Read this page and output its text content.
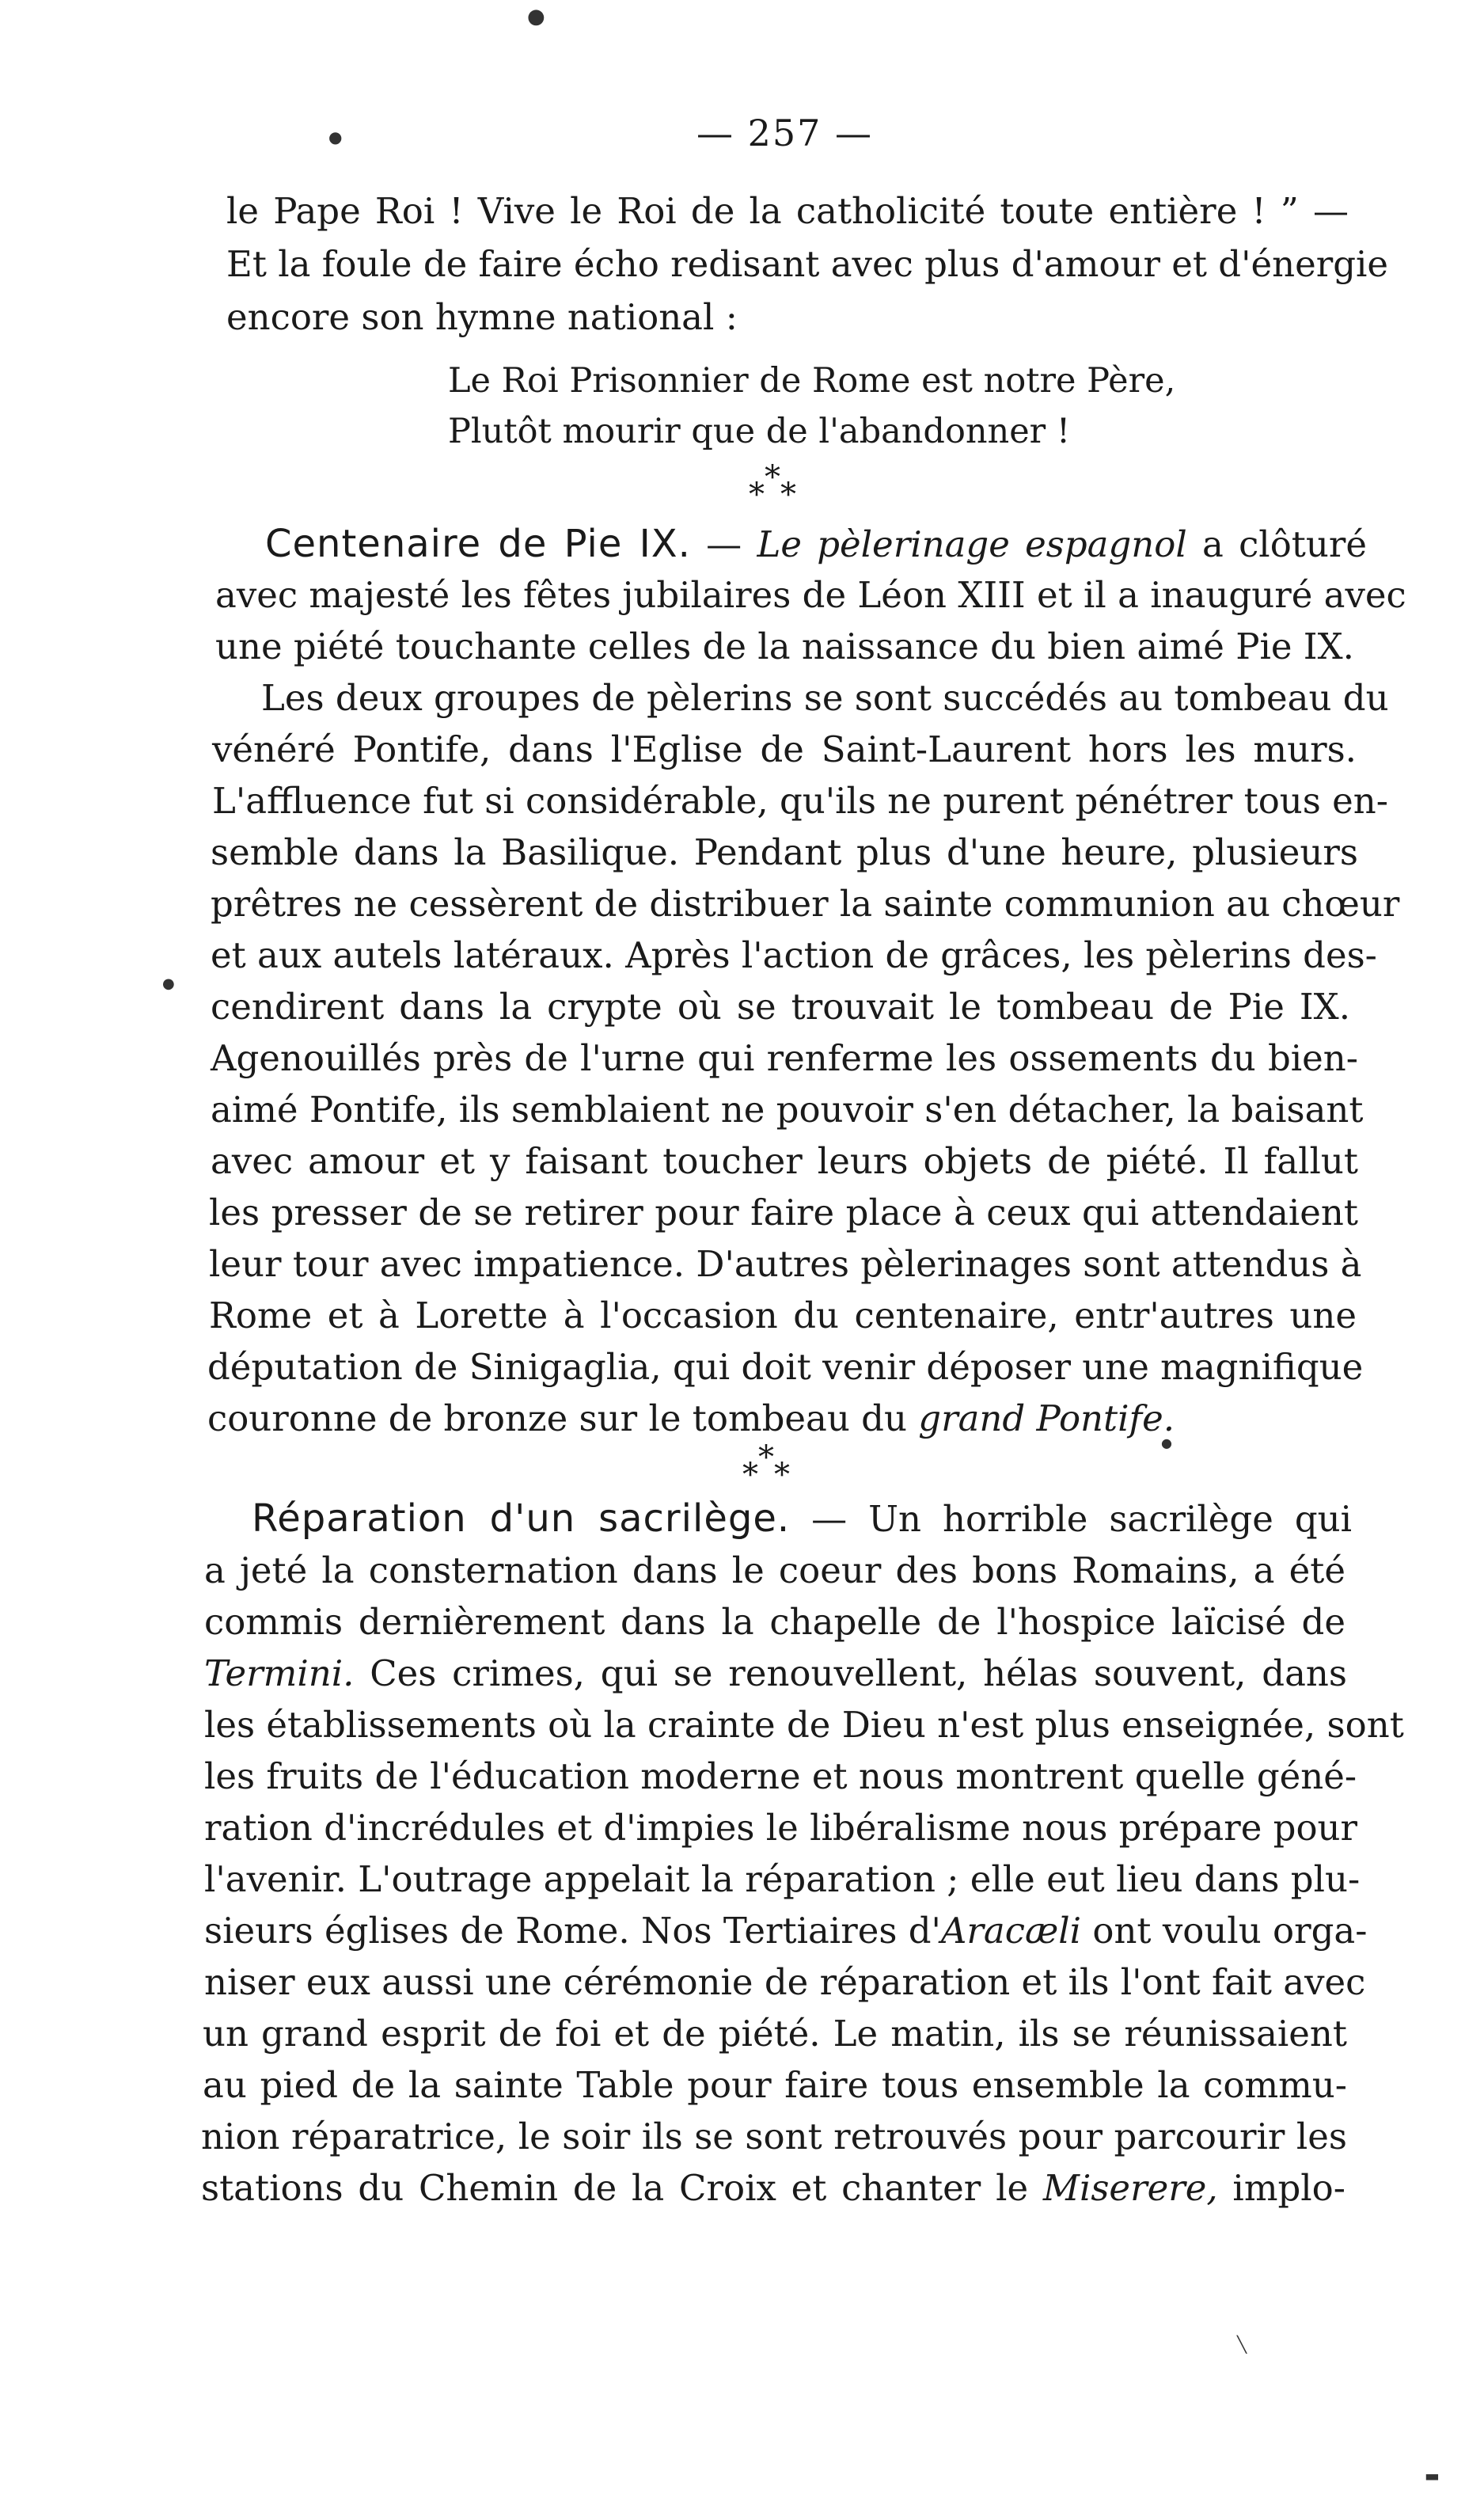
●
●
●
●
╲
▬
— 257 —
le Pape Roi ! Vive le Roi de la catholicité toute entière ! ” —
Et la foule de faire écho redisant avec plus d'amour et d'énergie
encore son hymne national :
Le Roi Prisonnier de Rome est notre Père,
Plutôt mourir que de l'abandonner !
*
* *
Centenaire de Pie IX. — Le pèlerinage espagnol a clôturé
avec majesté les fêtes jubilaires de Léon XIII et il a inauguré avec
une piété touchante celles de la naissance du bien aimé Pie IX.
Les deux groupes de pèlerins se sont succédés au tombeau du
vénéré Pontife, dans l'Eglise de Saint-Laurent hors les murs.
L'affluence fut si considérable, qu'ils ne purent pénétrer tous en-
semble dans la Basilique. Pendant plus d'une heure, plusieurs
prêtres ne cessèrent de distribuer la sainte communion au chœur
et aux autels latéraux. Après l'action de grâces, les pèlerins des-
cendirent dans la crypte où se trouvait le tombeau de Pie IX.
Agenouillés près de l'urne qui renferme les ossements du bien-
aimé Pontife, ils semblaient ne pouvoir s'en détacher, la baisant
avec amour et y faisant toucher leurs objets de piété. Il fallut
les presser de se retirer pour faire place à ceux qui attendaient
leur tour avec impatience. D'autres pèlerinages sont attendus à
Rome et à Lorette à l'occasion du centenaire, entr'autres une
députation de Sinigaglia, qui doit venir déposer une magnifique
couronne de bronze sur le tombeau du grand Pontife.
*
* *
Réparation d'un sacrilège. — Un horrible sacrilège qui
a jeté la consternation dans le coeur des bons Romains, a été
commis dernièrement dans la chapelle de l'hospice laïcisé de
Termini. Ces crimes, qui se renouvellent, hélas souvent, dans
les établissements où la crainte de Dieu n'est plus enseignée, sont
les fruits de l'éducation moderne et nous montrent quelle géné-
ration d'incrédules et d'impies le libéralisme nous prépare pour
l'avenir. L'outrage appelait la réparation ; elle eut lieu dans plu-
sieurs églises de Rome. Nos Tertiaires d'Aracæli ont voulu orga-
niser eux aussi une cérémonie de réparation et ils l'ont fait avec
un grand esprit de foi et de piété. Le matin, ils se réunissaient
au pied de la sainte Table pour faire tous ensemble la commu-
nion réparatrice, le soir ils se sont retrouvés pour parcourir les
stations du Chemin de la Croix et chanter le Miserere, implo-
